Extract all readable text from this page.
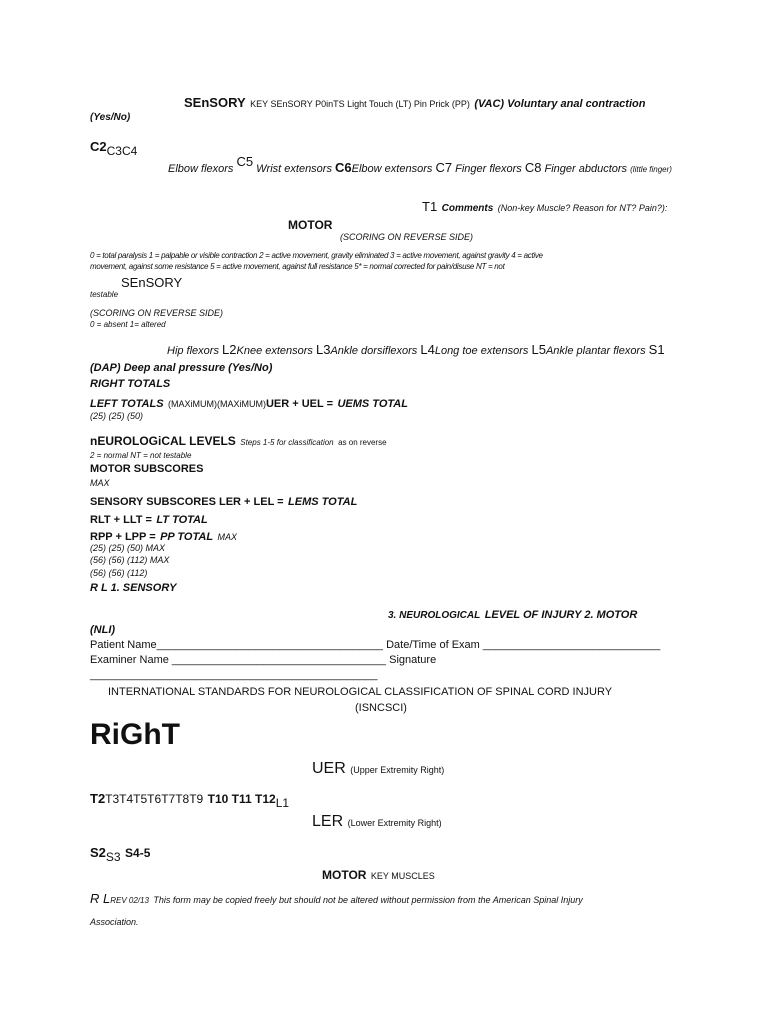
SEnSORY KEY SEnSORY P0inTS Light Touch (LT) Pin Prick (PP) (VAC) Voluntary anal contraction
(Yes/No)
$C2_{C3C4}$
Elbow flexors C5 Wrist extensors C6Elbow extensors C7 Finger flexors C8 Finger abductors (little finger)
T1 Comments (Non-key Muscle? Reason for NT? Pain?):
MOTOR
(SCORING ON REVERSE SIDE)
0 = total paralysis 1 = palpable or visible contraction 2 = active movement, gravity eliminated 3 = active movement, against gravity 4 = active
movement, against some resistance 5 = active movement, against full resistance 5* = normal corrected for pain/disuse NT = not
SEnSORY
testable
(SCORING ON REVERSE SIDE)
0 = absent 1= altered
Hip flexors L2Knee extensors L3Ankle dorsiflexors L4Long toe extensors L5Ankle plantar flexors S1
(DAP) Deep anal pressure (Yes/No)
RIGHT TOTALS
LEFT TOTALS (MAXiMUM)(MAXiMUM)UER + UEL = UEMS TOTAL
(25) (25) (50)
nEUROLOGiCAL LEVELS Steps 1-5 for classification as on reverse
2 = normal NT = not testable
MOTOR SUBSCORES
MAX
SENSORY SUBSCORES LER + LEL = LEMS TOTAL
RLT + LLT = LT TOTAL
RPP + LPP = PP TOTAL MAX
(25) (25) (50) MAX
(56) (56) (112) MAX
(56) (56) (112)
R L 1. SENSORY
3. NEUROLOGICAL LEVEL OF INJURY 2. MOTOR
(NLI)
Patient Name_____________________________________ Date/Time of Exam _____________________________
Examiner Name ___________________________________ Signature
_______________________________________________
INTERNATIONAL STANDARDS FOR NEUROLOGICAL CLASSIFICATION OF SPINAL CORD INJURY
(ISNCSCI)
RiGhT
UER (Upper Extremity Right)
T2T3T4T5T6T7T8T9 T10 T11 $T12_{L1}$
LER (Lower Extremity Right)
$S2_{S3}$ S4-5
MOTOR KEY MUSCLES
R LREV 02/13 This form may be copied freely but should not be altered without permission from the American Spinal Injury
Association.
